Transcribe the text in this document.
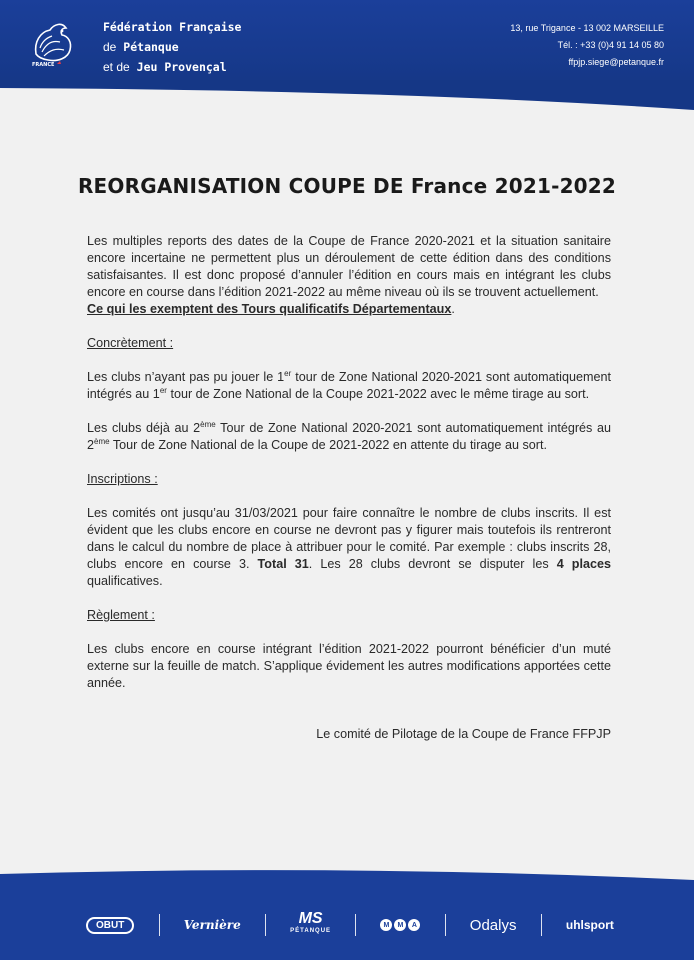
FRANCE
Fédération Française
de Pétanque
et de Jeu Provençal
13, rue Trigance - 13 002 MARSEILLE
Tél. : +33 (0)4 91 14 05 80
ffpjp.siege@petanque.fr
REORGANISATION COUPE DE France 2021-2022

Les multiples reports des dates de la Coupe de France 2020-2021 et la situation sanitaire encore incertaine ne permettent plus un déroulement de cette édition dans des conditions satisfaisantes. Il est donc proposé d’annuler l’édition en cours mais en intégrant les clubs encore en course dans l’édition 2021-2022 au même niveau où ils se trouvent actuellement.

Ce qui les exemptent des Tours qualificatifs Départementaux.

Concrètement :

Les clubs n’ayant pas pu jouer le 1er tour de Zone National 2020-2021 sont automatiquement intégrés au 1er tour de Zone National de la Coupe 2021-2022 avec le même tirage au sort.

Les clubs déjà au 2ème Tour de Zone National 2020-2021 sont automatiquement intégrés au 2ème Tour de Zone National de la Coupe de 2021-2022 en attente du tirage au sort.

Inscriptions :

Les comités ont jusqu’au 31/03/2021 pour faire connaître le nombre de clubs inscrits. Il est évident que les clubs encore en course ne devront pas y figurer mais toutefois ils rentreront dans le calcul du nombre de place à attribuer pour le comité. Par exemple : clubs inscrits 28, clubs encore en course 3. Total 31. Les 28 clubs devront se disputer les 4 places qualificatives.

Règlement :

Les clubs encore en course intégrant l’édition 2021-2022 pourront bénéficier d’un muté externe sur la feuille de match. S’applique évidement les autres modifications apportées cette année.

Le comité de Pilotage de la Coupe de France FFPJP

OBUT	Vernière	MS
PÉTANQUE
M	M	A	Odalys	uhlsport
